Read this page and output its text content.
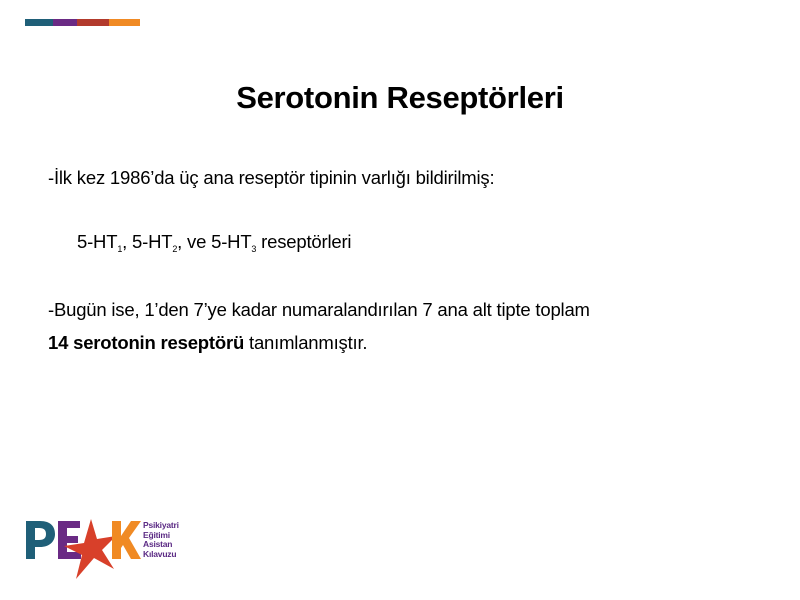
Serotonin Reseptörleri
-İlk kez 1986’da üç ana reseptör tipinin varlığı bildirilmiş:
$5-HT_1$, $5-HT_2$, ve $5-HT_3$ reseptörleri
-Bugün ise, 1’den 7’ye kadar numaralandırılan 7 ana alt tipte toplam
14 serotonin reseptörü tanımlanmıştır.
Psikiyatri
Eğitimi
Asistan
Kılavuzu
